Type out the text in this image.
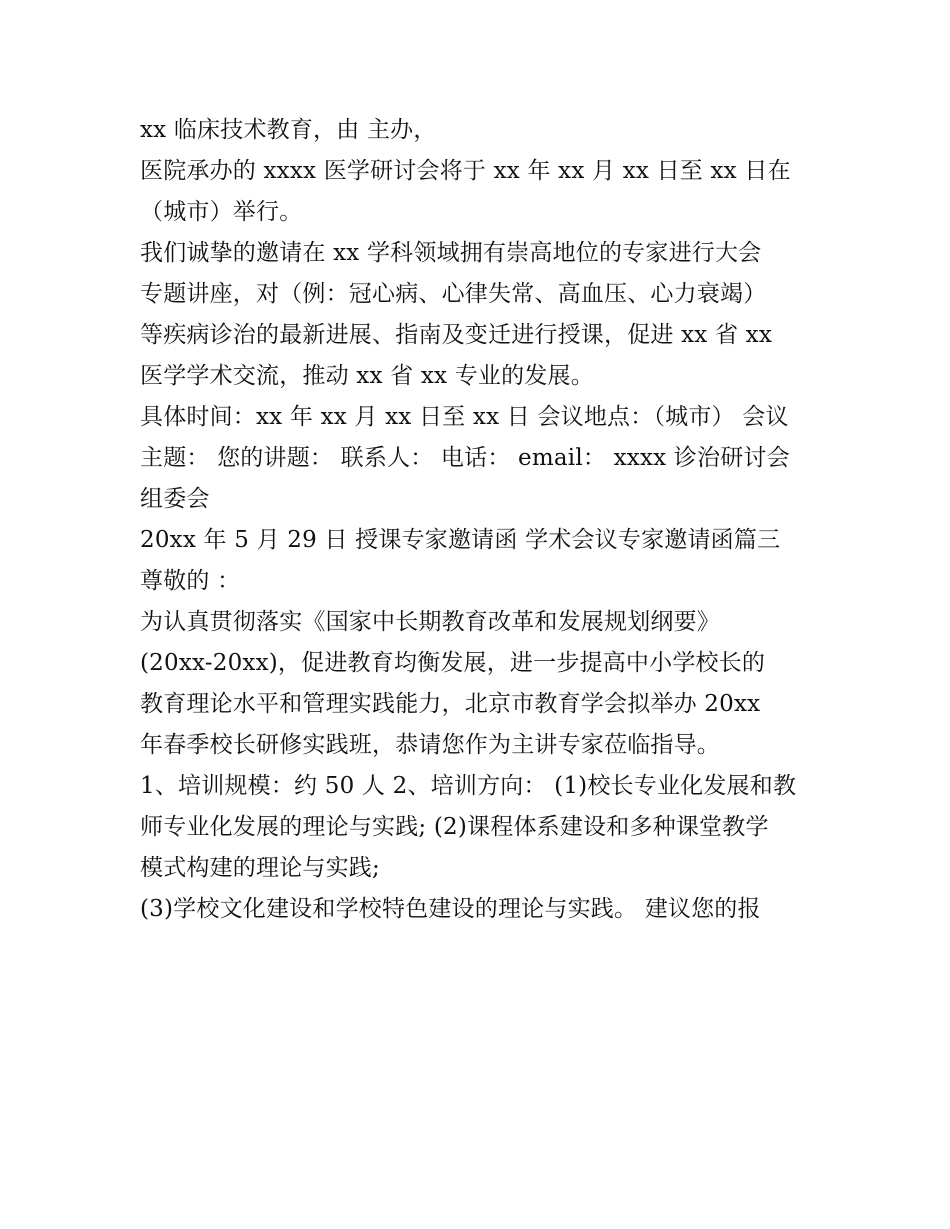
xx 临床技术教育，由 主办，
医院承办的 xxxx 医学研讨会将于 xx 年 xx 月 xx 日至 xx 日在
（城市）举行。
我们诚挚的邀请在 xx 学科领域拥有崇高地位的专家进行大会
专题讲座，对（例：冠心病、心律失常、高血压、心力衰竭）
等疾病诊治的最新进展、指南及变迁进行授课，促进 xx 省 xx
医学学术交流，推动 xx 省 xx 专业的发展。
具体时间：xx 年 xx 月 xx 日至 xx 日 会议地点：（城市） 会议
主题： 您的讲题： 联系人： 电话： email： xxxx 诊治研讨会
组委会
20xx 年 5 月 29 日 授课专家邀请函 学术会议专家邀请函篇三
尊敬的 ：
为认真贯彻落实《国家中长期教育改革和发展规划纲要》
(20xx-20xx)，促进教育均衡发展，进一步提高中小学校长的
教育理论水平和管理实践能力，北京市教育学会拟举办 20xx
年春季校长研修实践班，恭请您作为主讲专家莅临指导。
1、培训规模：约 50 人 2、培训方向： (1)校长专业化发展和教
师专业化发展的理论与实践; (2)课程体系建设和多种课堂教学
模式构建的理论与实践;
(3)学校文化建设和学校特色建设的理论与实践。 建议您的报
